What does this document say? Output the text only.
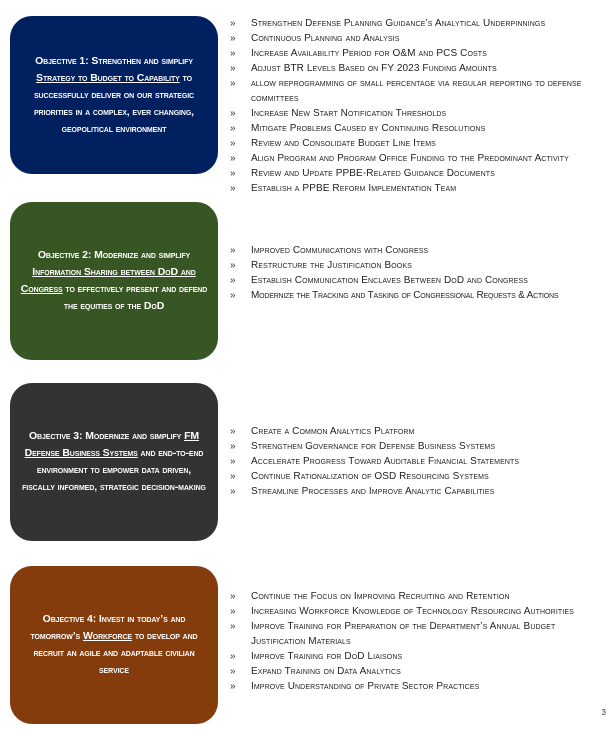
Objective 1: Strengthen and simplify Strategy to Budget to Capability to successfully deliver on our strategic priorities in a complex, ever changing, geopolitical environment
» Strengthen Defense Planning Guidance’s Analytical Underpinnings
» Continuous Planning and Analysis
» Increase Availability Period for O&M and PCS Costs
» Adjust BTR Levels Based on FY 2023 Funding Amounts
» allow reprogramming of small percentage via regular reporting to defense committees
» Increase New Start Notification Thresholds
» Mitigate Problems Caused by Continuing Resolutions
» Review and Consolidate Budget Line Items
» Align Program and Program Office Funding to the Predominant Activity
» Review and Update PPBE-Related Guidance Documents
» Establish a PPBE Reform Implementation Team
Objective 2: Modernize and simplify Information Sharing between DoD and Congress to effectively present and defend the equities of the DoD
» Improved Communications with Congress
» Restructure the Justification Books
» Establish Communication Enclaves Between DoD and Congress
» Modernize the Tracking and Tasking of Congressional Requests & Actions
Objective 3: Modernize and simplify FM Defense Business Systems and end-to-end environment to empower data driven, fiscally informed, strategic decision-making
» Create a Common Analytics Platform
» Strengthen Governance for Defense Business Systems
» Accelerate Progress Toward Auditable Financial Statements
» Continue Rationalization of OSD Resourcing Systems
» Streamline Processes and Improve Analytic Capabilities
Objective 4: Invest in today’s and tomorrow’s Workforce to develop and recruit an agile and adaptable civilian service
» Continue the Focus on Improving Recruiting and Retention
» Increasing Workforce Knowledge of Technology Resourcing Authorities
» Improve Training for Preparation of the Department’s Annual Budget Justification Materials
» Improve Training for DoD Liaisons
» Expand Training on Data Analytics
» Improve Understanding of Private Sector Practices
3
